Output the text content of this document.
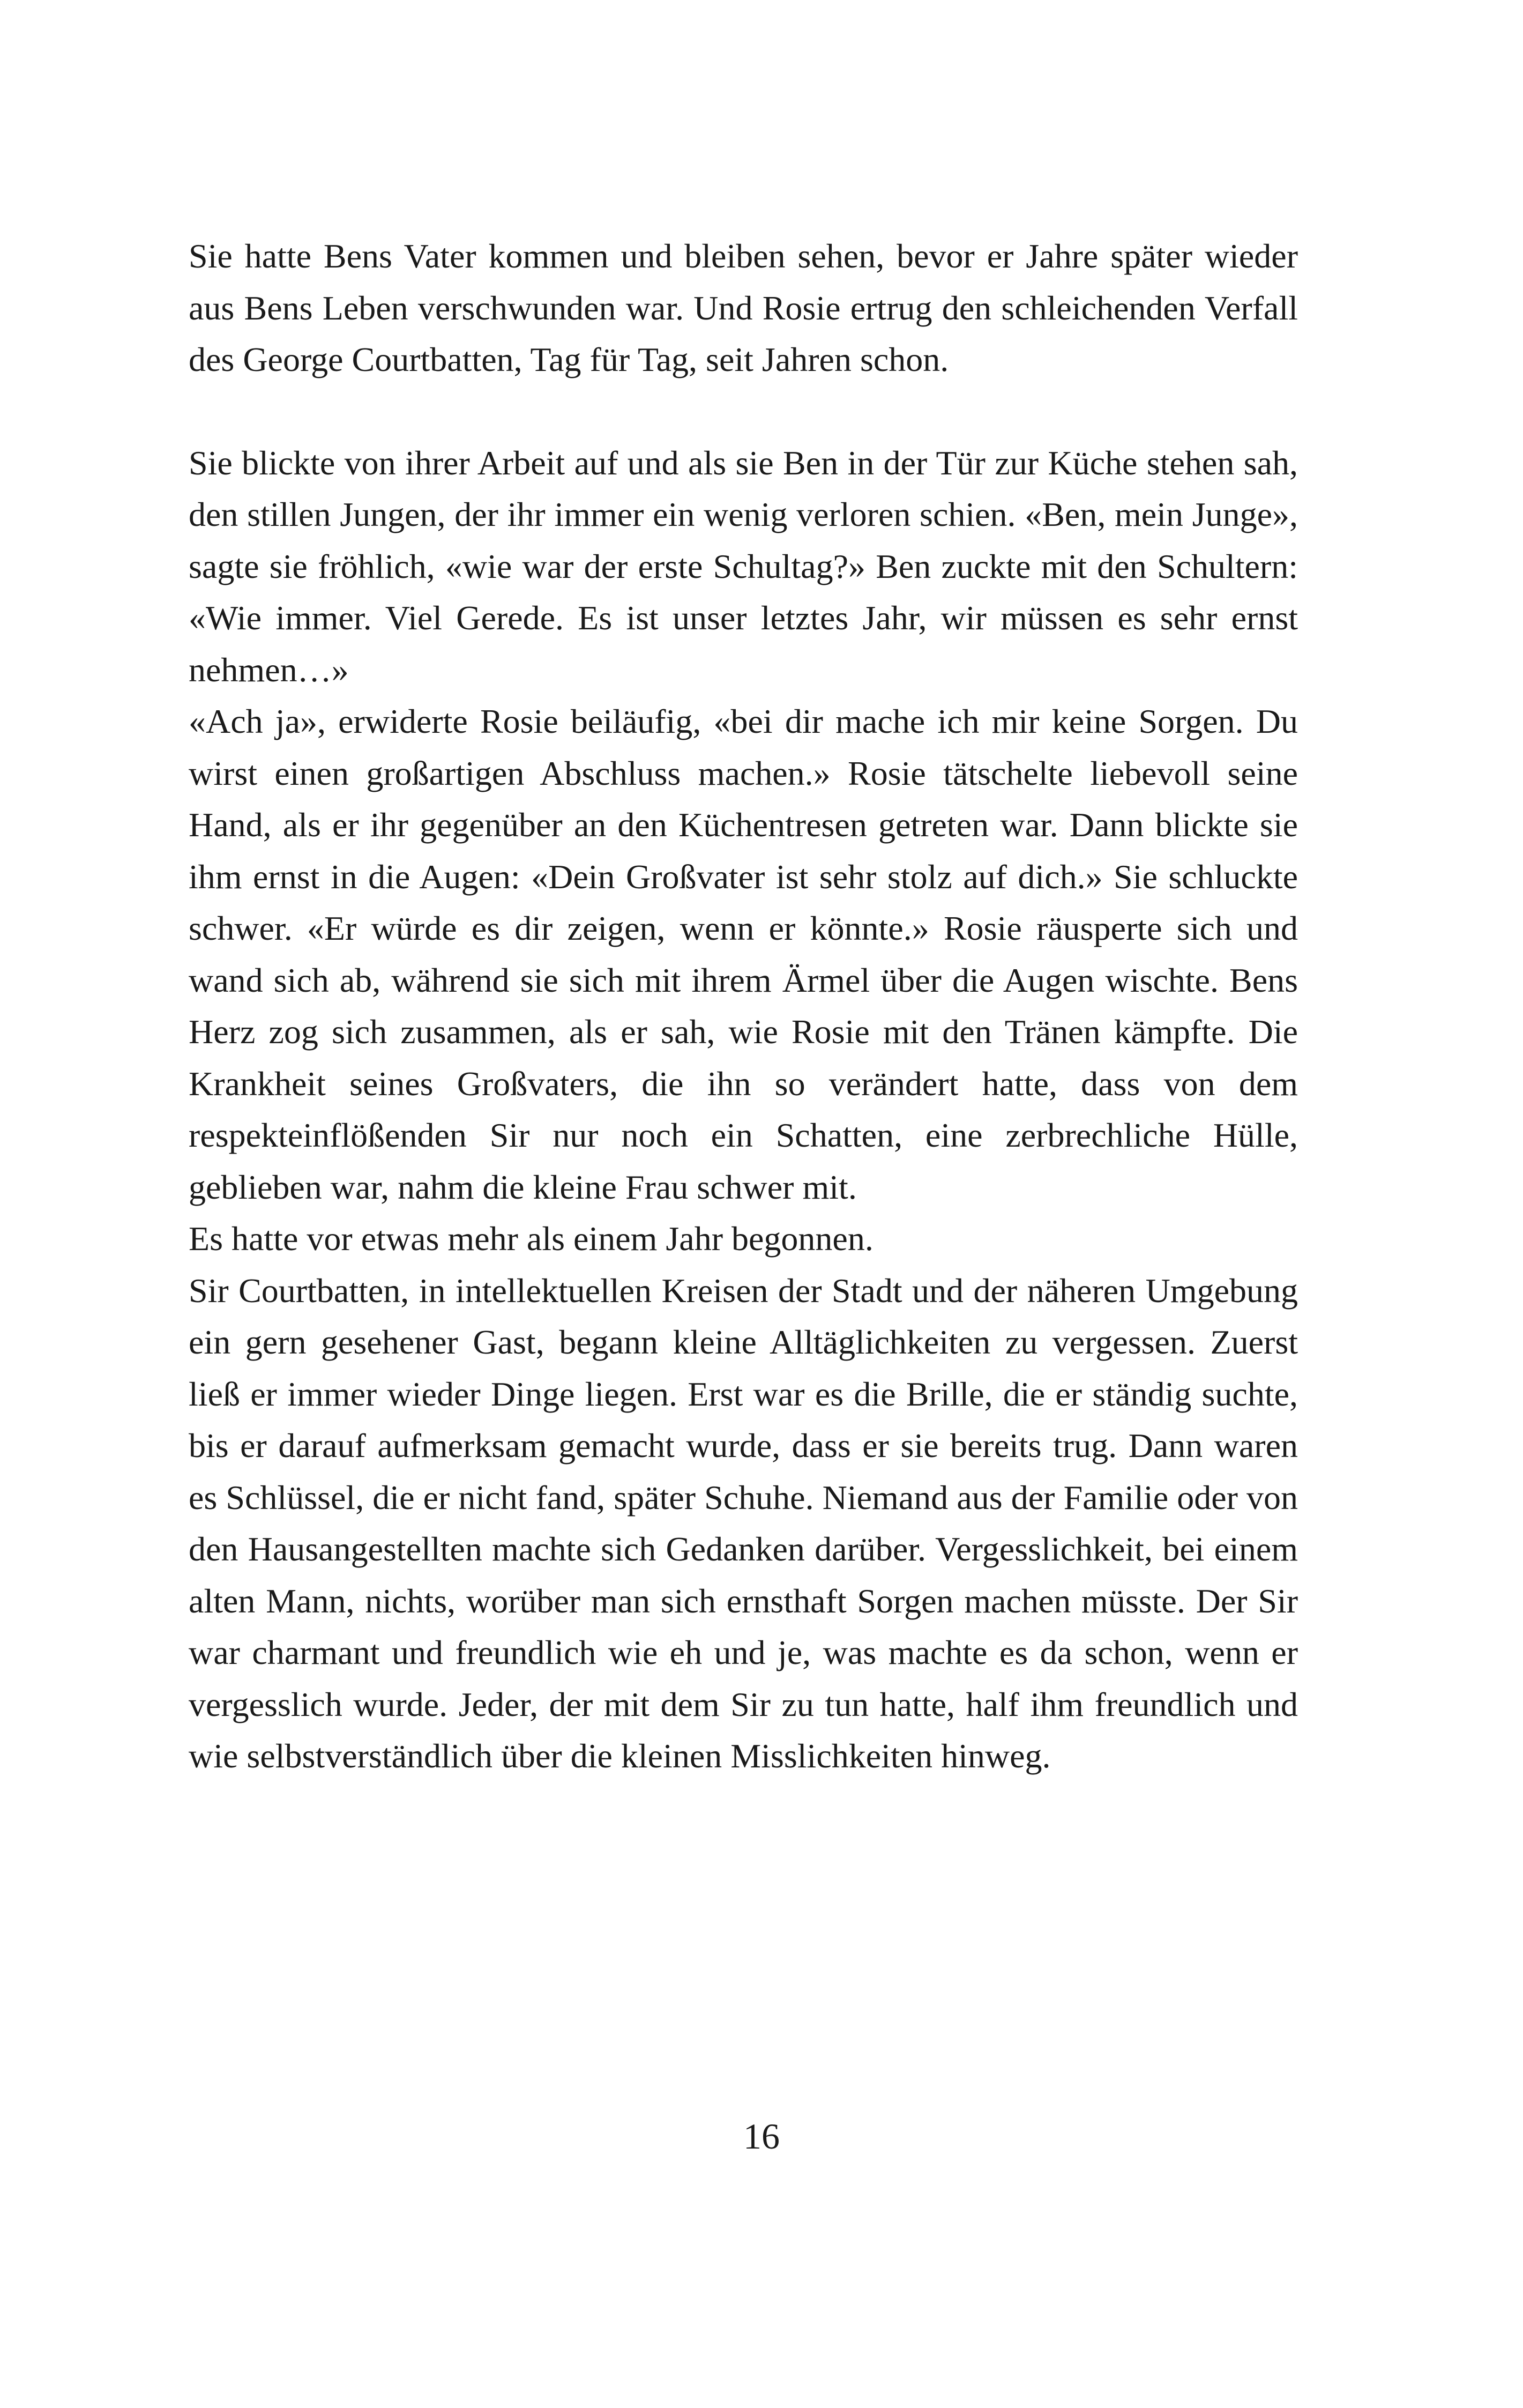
Sie hatte Bens Vater kommen und bleiben sehen, bevor er Jahre später wieder aus Bens Leben verschwunden war. Und Rosie ertrug den schleichenden Verfall des George Courtbatten, Tag für Tag, seit Jahren schon.

Sie blickte von ihrer Arbeit auf und als sie Ben in der Tür zur Küche stehen sah, den stillen Jungen, der ihr immer ein wenig verloren schien. «Ben, mein Junge», sagte sie fröhlich, «wie war der erste Schultag?» Ben zuckte mit den Schultern: «Wie immer. Viel Gerede. Es ist unser letztes Jahr, wir müssen es sehr ernst nehmen…»

«Ach ja», erwiderte Rosie beiläufig, «bei dir mache ich mir keine Sorgen. Du wirst einen großartigen Abschluss machen.» Rosie tätschelte liebevoll seine Hand, als er ihr gegenüber an den Küchentresen getreten war. Dann blickte sie ihm ernst in die Augen: «Dein Großvater ist sehr stolz auf dich.» Sie schluckte schwer. «Er würde es dir zeigen, wenn er könnte.» Rosie räusperte sich und wand sich ab, während sie sich mit ihrem Ärmel über die Augen wischte. Bens Herz zog sich zusammen, als er sah, wie Rosie mit den Tränen kämpfte. Die Krankheit seines Großvaters, die ihn so verändert hatte, dass von dem respekteinflößenden Sir nur noch ein Schatten, eine zerbrechliche Hülle, geblieben war, nahm die kleine Frau schwer mit.

Es hatte vor etwas mehr als einem Jahr begonnen.

Sir Courtbatten, in intellektuellen Kreisen der Stadt und der näheren Umgebung ein gern gesehener Gast, begann kleine Alltäglichkeiten zu vergessen. Zuerst ließ er immer wieder Dinge liegen. Erst war es die Brille, die er ständig suchte, bis er darauf aufmerksam gemacht wurde, dass er sie bereits trug. Dann waren es Schlüssel, die er nicht fand, später Schuhe. Niemand aus der Familie oder von den Hausangestellten machte sich Gedanken darüber. Vergesslichkeit, bei einem alten Mann, nichts, worüber man sich ernsthaft Sorgen machen müsste. Der Sir war charmant und freundlich wie eh und je, was machte es da schon, wenn er vergesslich wurde. Jeder, der mit dem Sir zu tun hatte, half ihm freundlich und wie selbstverständlich über die kleinen Misslichkeiten hinweg.

16
